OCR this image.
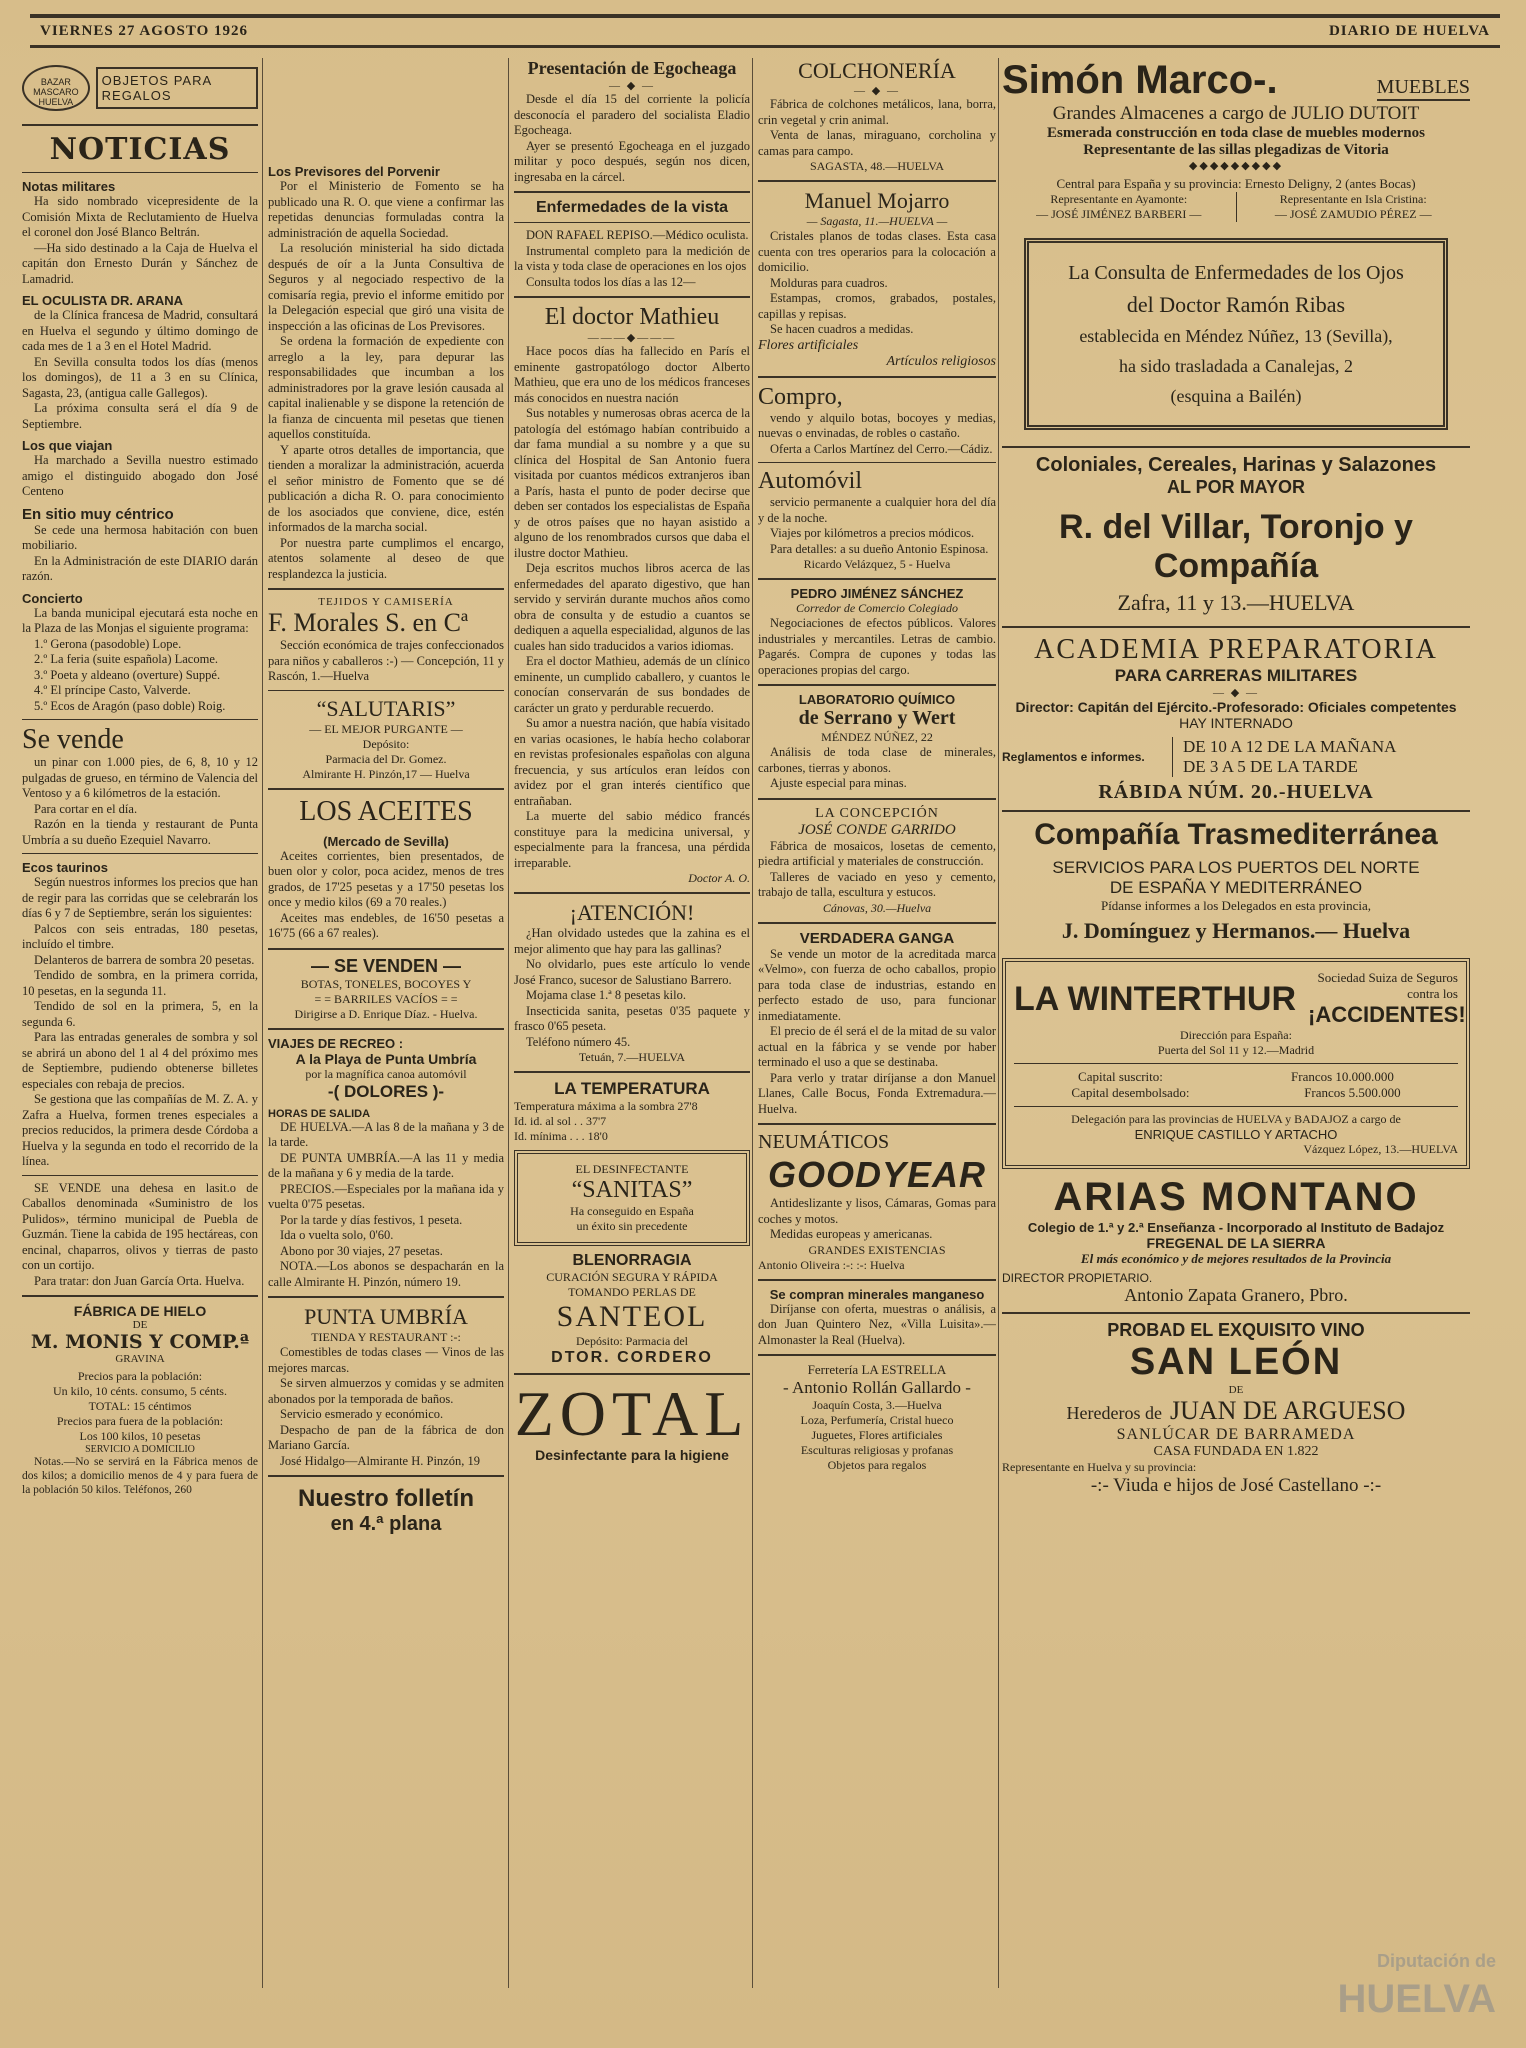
VIERNES 27 AGOSTO 1926	DIARIO DE HUELVA
BAZAR MASCARO HUELVA
OBJETOS PARA REGALOS
NOTICIAS
Notas militares

Ha sido nombrado vicepresidente de la Comisión Mixta de Reclutamiento de Huelva el coronel don José Blanco Beltrán.

—Ha sido destinado a la Caja de Huelva el capitán don Ernesto Durán y Sánchez de Lamadrid.

EL OCULISTA DR. ARANA

de la Clínica francesa de Madrid, consultará en Huelva el segundo y último domingo de cada mes de 1 a 3 en el Hotel Madrid.

En Sevilla consulta todos los días (menos los domingos), de 11 a 3 en su Clínica, Sagasta, 23, (antigua calle Gallegos).

La próxima consulta será el día 9 de Septiembre.

Los que viajan

Ha marchado a Sevilla nuestro estimado amigo el distinguido abogado don José Centeno

En sitio muy céntrico

Se cede una hermosa habitación con buen mobiliario.

En la Administración de este DIARIO darán razón.

Concierto

La banda municipal ejecutará esta noche en la Plaza de las Monjas el siguiente programa:

1.º Gerona (pasodoble) Lope.

2.º La feria (suite española) Lacome.

3.º Poeta y aldeano (overture) Suppé.

4.º El príncipe Casto, Valverde.

5.º Ecos de Aragón (paso doble) Roig.

Se vende

un pinar con 1.000 pies, de 6, 8, 10 y 12 pulgadas de grueso, en término de Valencia del Ventoso y a 6 kilómetros de la estación.

Para cortar en el día.

Razón en la tienda y restaurant de Punta Umbría a su dueño Ezequiel Navarro.

Ecos taurinos

Según nuestros informes los precios que han de regir para las corridas que se celebrarán los días 6 y 7 de Septiembre, serán los siguientes:

Palcos con seis entradas, 180 pesetas, incluído el timbre.

Delanteros de barrera de sombra 20 pesetas.

Tendido de sombra, en la primera corrida, 10 pesetas, en la segunda 11.

Tendido de sol en la primera, 5, en la segunda 6.

Para las entradas generales de sombra y sol se abrirá un abono del 1 al 4 del próximo mes de Septiembre, pudiendo obtenerse billetes especiales con rebaja de precios.

Se gestiona que las compañías de M. Z. A. y Zafra a Huelva, formen trenes especiales a precios reducidos, la primera desde Córdoba a Huelva y la segunda en todo el recorrido de la línea.

SE VENDE una dehesa en lasit.o de Caballos denominada «Suministro de los Pulidos», término municipal de Puebla de Guzmán. Tiene la cabida de 195 hectáreas, con encinal, chaparros, olivos y tierras de pasto con un cortijo.

Para tratar: don Juan García Orta. Huelva.

FÁBRICA DE HIELO
DE
M. MONIS Y COMP.ª
GRAVINA
Precios para la población:
Un kilo, 10 cénts. consumo, 5 cénts.
TOTAL: 15 céntimos
Precios para fuera de la población:
Los 100 kilos, 10 pesetas
SERVICIO A DOMICILIO

Notas.—No se servirá en la Fábrica menos de dos kilos; a domicilio menos de 4 y para fuera de la población 50 kilos. Teléfonos, 260

Los Previsores del Porvenir

Por el Ministerio de Fomento se ha publicado una R. O. que viene a confirmar las repetidas denuncias formuladas contra la administración de aquella Sociedad.

La resolución ministerial ha sido dictada después de oír a la Junta Consultiva de Seguros y al negociado respectivo de la comisaría regia, previo el informe emitido por la Delegación especial que giró una visita de inspección a las oficinas de Los Previsores.

Se ordena la formación de expediente con arreglo a la ley, para depurar las responsabilidades que incumban a los administradores por la grave lesión causada al capital inalienable y se dispone la retención de la fianza de cincuenta mil pesetas que tienen aquellos constituída.

Y aparte otros detalles de importancia, que tienden a moralizar la administración, acuerda el señor ministro de Fomento que se dé publicación a dicha R. O. para conocimiento de los asociados que conviene, dice, estén informados de la marcha social.

Por nuestra parte cumplimos el encargo, atentos solamente al deseo de que resplandezca la justicia.

TEJIDOS Y CAMISERÍA
F. Morales S. en Cª

Sección económica de trajes confeccionados para niños y caballeros :-) — Concepción, 11 y Rascón, 1.—Huelva

“SALUTARIS”
— EL MEJOR PURGANTE —
Depósito:
Parmacia del Dr. Gomez.
Almirante H. Pinzón,17 — Huelva
LOS ACEITES
(Mercado de Sevilla)

Aceites corrientes, bien presentados, de buen olor y color, poca acidez, menos de tres grados, de 17'25 pesetas y a 17'50 pesetas los once y medio kilos (69 a 70 reales.)

Aceites mas endebles, de 16'50 pesetas a 16'75 (66 a 67 reales).

— SE VENDEN —
BOTAS, TONELES, BOCOYES Y
= = BARRILES VACÍOS = =
Dirigirse a D. Enrique Díaz. - Huelva.
VIAJES DE RECREO :
A la Playa de Punta Umbría
por la magnífica canoa automóvil
-( DOLORES )-
HORAS DE SALIDA

DE HUELVA.—A las 8 de la mañana y 3 de la tarde.

DE PUNTA UMBRÍA.—A las 11 y media de la mañana y 6 y media de la tarde.

PRECIOS.—Especiales por la mañana ida y vuelta 0'75 pesetas.

Por la tarde y días festivos, 1 peseta.

Ida o vuelta solo, 0'60.

Abono por 30 viajes, 27 pesetas.

NOTA.—Los abonos se despacharán en la calle Almirante H. Pinzón, número 19.

PUNTA UMBRÍA
TIENDA Y RESTAURANT :-:

Comestibles de todas clases — Vinos de las mejores marcas.

Se sirven almuerzos y comidas y se admiten abonados por la temporada de baños.

Servicio esmerado y económico.

Despacho de pan de la fábrica de don Mariano García.

José Hidalgo—Almirante H. Pinzón, 19

Nuestro folletín
en 4.ª plana
Presentación de Egocheaga
— ◆ —

Desde el día 15 del corriente la policía desconocía el paradero del socialista Eladio Egocheaga.

Ayer se presentó Egocheaga en el juzgado militar y poco después, según nos dicen, ingresaba en la cárcel.

Enfermedades de la vista

DON RAFAEL REPISO.—Médico oculista.

Instrumental completo para la medición de la vista y toda clase de operaciones en los ojos

Consulta todos los días a las 12—

El doctor Mathieu
———◆———

Hace pocos días ha fallecido en París el eminente gastropatólogo doctor Alberto Mathieu, que era uno de los médicos franceses más conocidos en nuestra nación

Sus notables y numerosas obras acerca de la patología del estómago habían contribuido a dar fama mundial a su nombre y a que su clínica del Hospital de San Antonio fuera visitada por cuantos médicos extranjeros iban a París, hasta el punto de poder decirse que deben ser contados los especialistas de España y de otros países que no hayan asistido a alguno de los renombrados cursos que daba el ilustre doctor Mathieu.

Deja escritos muchos libros acerca de las enfermedades del aparato digestivo, que han servido y servirán durante muchos años como obra de consulta y de estudio a cuantos se dediquen a aquella especialidad, algunos de las cuales han sido traducidos a varios idiomas.

Era el doctor Mathieu, además de un clínico eminente, un cumplido caballero, y cuantos le conocían conservarán de sus bondades de carácter un grato y perdurable recuerdo.

Su amor a nuestra nación, que había visitado en varias ocasiones, le había hecho colaborar en revistas profesionales españolas con alguna frecuencia, y sus artículos eran leídos con avidez por el gran interés científico que entrañaban.

La muerte del sabio médico francés constituye para la medicina universal, y especialmente para la francesa, una pérdida irreparable.

Doctor A. O.
¡ATENCIÓN!

¿Han olvidado ustedes que la zahina es el mejor alimento que hay para las gallinas?

No olvidarlo, pues este artículo lo vende José Franco, sucesor de Salustiano Barrero.

Mojama clase 1.ª 8 pesetas kilo.

Insecticida sanita, pesetas 0'35 paquete y frasco 0'65 peseta.

Teléfono número 45.

Tetuán, 7.—HUELVA
LA TEMPERATURA
Temperatura máxima a la sombra 27'8
Id. id. al sol . . 37'7
Id. mínima . . . 18'0
EL DESINFECTANTE
“SANITAS”
Ha conseguido en España
un éxito sin precedente
BLENORRAGIA
CURACIÓN SEGURA Y RÁPIDA
TOMANDO PERLAS DE
SANTEOL
Depósito: Parmacia del
DTOR. CORDERO
ZOTAL
Desinfectante para la higiene
COLCHONERÍA
— ◆ —

Fábrica de colchones metálicos, lana, borra, crin vegetal y crin animal.

Venta de lanas, miraguano, corcholina y camas para campo.

SAGASTA, 48.—HUELVA
Manuel Mojarro
— Sagasta, 11.—HUELVA —

Cristales planos de todas clases. Esta casa cuenta con tres operarios para la colocación a domicilio.

Molduras para cuadros.

Estampas, cromos, grabados, postales, capillas y repisas.

Se hacen cuadros a medidas.

Flores artificiales
Artículos religiosos
Compro,

vendo y alquilo botas, bocoyes y medias, nuevas o envinadas, de robles o castaño.

Oferta a Carlos Martínez del Cerro.—Cádiz.

Automóvil

servicio permanente a cualquier hora del día y de la noche.

Viajes por kilómetros a precios módicos.

Para detalles: a su dueño Antonio Espinosa.

Ricardo Velázquez, 5 - Huelva
PEDRO JIMÉNEZ SÁNCHEZ
Corredor de Comercio Colegiado

Negociaciones de efectos públicos. Valores industriales y mercantiles. Letras de cambio. Pagarés. Compra de cupones y todas las operaciones propias del cargo.

LABORATORIO QUÍMICO
de Serrano y Wert
MÉNDEZ NÚÑEZ, 22

Análisis de toda clase de minerales, carbones, tierras y abonos.

Ajuste especial para minas.

LA CONCEPCIÓN
JOSÉ CONDE GARRIDO

Fábrica de mosaicos, losetas de cemento, piedra artificial y materiales de construcción.

Talleres de vaciado en yeso y cemento, trabajo de talla, escultura y estucos.

Cánovas, 30.—Huelva
VERDADERA GANGA

Se vende un motor de la acreditada marca «Velmo», con fuerza de ocho caballos, propio para toda clase de industrias, estando en perfecto estado de uso, para funcionar inmediatamente.

El precio de él será el de la mitad de su valor actual en la fábrica y se vende por haber terminado el uso a que se destinaba.

Para verlo y tratar diríjanse a don Manuel Llanes, Calle Bocus, Fonda Extremadura.—Huelva.

NEUMÁTICOS
GOODYEAR

Antideslizante y lisos, Cámaras, Gomas para coches y motos.

Medidas europeas y americanas.

GRANDES EXISTENCIAS
Antonio Oliveira :-: :-: Huelva
Se compran minerales manganeso

Diríjanse con oferta, muestras o análisis, a don Juan Quintero Nez, «Villa Luisita».—Almonaster la Real (Huelva).

Ferretería LA ESTRELLA
- Antonio Rollán Gallardo -
Joaquín Costa, 3.—Huelva
Loza, Perfumería, Cristal hueco
Juguetes, Flores artificiales
Esculturas religiosas y profanas
Objetos para regalos
Simón Marco-.	MUEBLES
Grandes Almacenes a cargo de JULIO DUTOIT
Esmerada construcción en toda clase de muebles modernos
Representante de las sillas plegadizas de Vitoria
◆◆◆◆◆◆◆◆◆
Central para España y su provincia: Ernesto Deligny, 2 (antes Bocas)
Representante en Ayamonte:
— JOSÉ JIMÉNEZ BARBERI —
Representante en Isla Cristina:
— JOSÉ ZAMUDIO PÉREZ —
La Consulta de Enfermedades de los Ojos
del Doctor Ramón Ribas
establecida en Méndez Núñez, 13 (Sevilla),
ha sido trasladada a Canalejas, 2
(esquina a Bailén)
Coloniales, Cereales, Harinas y Salazones
AL POR MAYOR
R. del Villar, Toronjo y Compañía
Zafra, 11 y 13.—HUELVA
ACADEMIA PREPARATORIA
PARA CARRERAS MILITARES
— ◆ —
Director: Capitán del Ejército.-Profesorado: Oficiales competentes
HAY INTERNADO
Reglamentos e informes.
DE 10 A 12 DE LA MAÑANA
DE 3 A 5 DE LA TARDE
RÁBIDA NÚM. 20.-HUELVA
Compañía Trasmediterránea
SERVICIOS PARA LOS PUERTOS DEL NORTE
DE ESPAÑA Y MEDITERRÁNEO
Pídanse informes a los Delegados en esta provincia,
J. Domínguez y Hermanos.— Huelva
LA WINTERTHUR
Sociedad Suiza de Seguros contra los
¡ACCIDENTES!
Dirección para España:
Puerta del Sol 11 y 12.—Madrid
Capital suscrito:	Francos 10.000.000
Capital desembolsado:	Francos 5.500.000
Delegación para las provincias de HUELVA y BADAJOZ a cargo de
ENRIQUE CASTILLO Y ARTACHO
Vázquez López, 13.—HUELVA
ARIAS MONTANO
Colegio de 1.ª y 2.ª Enseñanza - Incorporado al Instituto de Badajoz
FREGENAL DE LA SIERRA
El más económico y de mejores resultados de la Provincia
DIRECTOR PROPIETARIO.
Antonio Zapata Granero, Pbro.
PROBAD EL EXQUISITO VINO
SAN LEÓN
DE
Herederos de JUAN DE ARGUESO
SANLÚCAR DE BARRAMEDA
CASA FUNDADA EN 1.822
Representante en Huelva y su provincia:
-:- Viuda e hijos de José Castellano -:-
Diputación de
HUELVA
